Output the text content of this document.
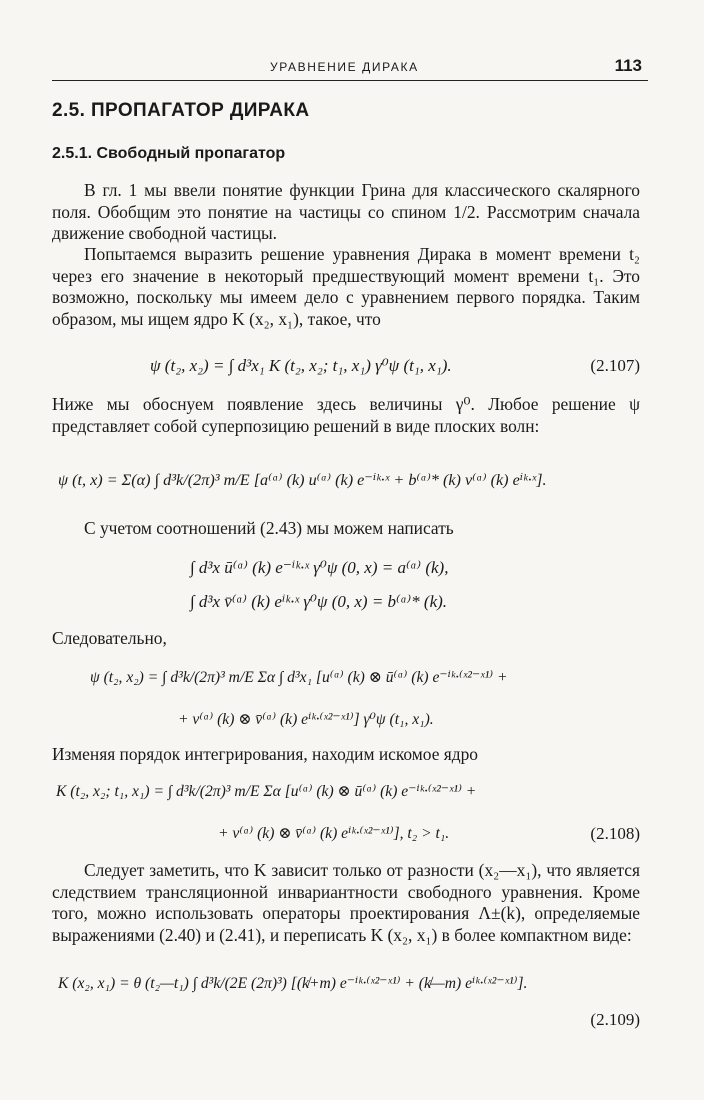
УРАВНЕНИЕ ДИРАКА	113
2.5. ПРОПАГАТОР ДИРАКА
2.5.1. Свободный пропагатор

В гл. 1 мы ввели понятие функции Грина для классического скалярного поля. Обобщим это понятие на частицы со спином 1/2. Рассмотрим сначала движение свободной частицы.

Попытаемся выразить решение уравнения Дирака в момент времени t₂ через его значение в некоторый предшествующий момент времени t₁. Это возможно, поскольку мы имеем дело с уравнением первого порядка. Таким образом, мы ищем ядро K (x₂, x₁), такое, что

ψ (t₂, x₂) = ∫ d³x₁ K (t₂, x₂; t₁, x₁) γ⁰ψ (t₁, x₁).	(2.107)

Ниже мы обоснуем появление здесь величины γ⁰. Любое решение ψ представляет собой суперпозицию решений в виде плоских волн:

ψ (t, x) = Σ(α) ∫ d³k/(2π)³ m/E [a⁽ᵅ⁾ (k) u⁽ᵅ⁾ (k) e⁻ⁱᵏ·ˣ + b⁽ᵅ⁾* (k) v⁽ᵅ⁾ (k) eⁱᵏ·ˣ].

С учетом соотношений (2.43) мы можем написать

∫ d³x ū⁽ᵅ⁾ (k) e⁻ⁱᵏ·ˣ γ⁰ψ (0, x) = a⁽ᵅ⁾ (k),
∫ d³x v̄⁽ᵅ⁾ (k) eⁱᵏ·ˣ γ⁰ψ (0, x) = b⁽ᵅ⁾* (k).

Следовательно,

ψ (t₂, x₂) = ∫ d³k/(2π)³ m/E Σα ∫ d³x₁ [u⁽ᵅ⁾ (k) ⊗ ū⁽ᵅ⁾ (k) e⁻ⁱᵏ·⁽ˣ²⁻ˣ¹⁾ +
+ v⁽ᵅ⁾ (k) ⊗ v̄⁽ᵅ⁾ (k) eⁱᵏ·⁽ˣ²⁻ˣ¹⁾] γ⁰ψ (t₁, x₁).

Изменяя порядок интегрирования, находим искомое ядро

K (t₂, x₂; t₁, x₁) = ∫ d³k/(2π)³ m/E Σα [u⁽ᵅ⁾ (k) ⊗ ū⁽ᵅ⁾ (k) e⁻ⁱᵏ·⁽ˣ²⁻ˣ¹⁾ +
+ v⁽ᵅ⁾ (k) ⊗ v̄⁽ᵅ⁾ (k) eⁱᵏ·⁽ˣ²⁻ˣ¹⁾], t₂ > t₁.	(2.108)

Следует заметить, что K зависит только от разности (x₂—x₁), что является следствием трансляционной инвариантности свободного уравнения. Кроме того, можно использовать операторы проектирования Λ±(k), определяемые выражениями (2.40) и (2.41), и переписать K (x₂, x₁) в более компактном виде:

K (x₂, x₁) = θ (t₂—t₁) ∫ d³k/(2E (2π)³) [(k̸+m) e⁻ⁱᵏ·⁽ˣ²⁻ˣ¹⁾ + (k̸—m) eⁱᵏ·⁽ˣ²⁻ˣ¹⁾].
(2.109)
